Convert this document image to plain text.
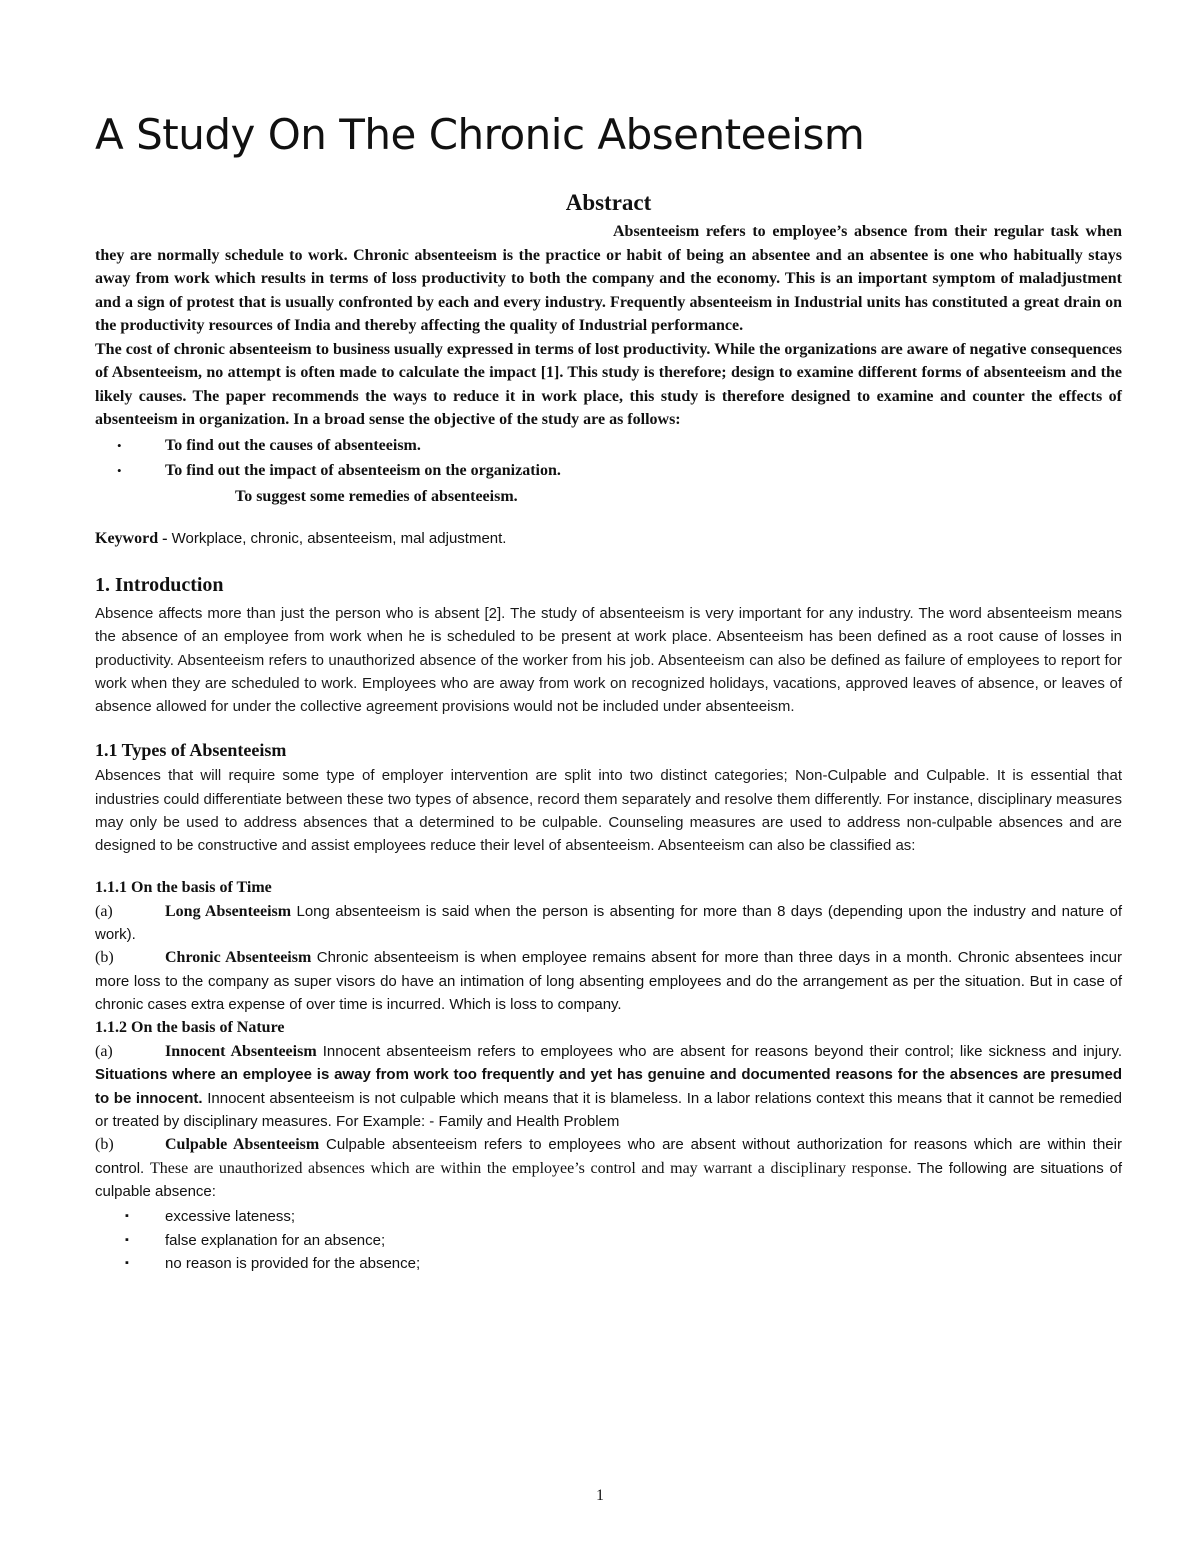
A Study On The Chronic Absenteeism
Abstract

Absenteeism refers to employee’s absence from their regular task when they are normally schedule to work. Chronic absenteeism is the practice or habit of being an absentee and an absentee is one who habitually stays away from work which results in terms of loss productivity to both the company and the economy. This is an important symptom of maladjustment and a sign of protest that is usually confronted by each and every industry. Frequently absenteeism in Industrial units has constituted a great drain on the productivity resources of India and thereby affecting the quality of Industrial performance.

The cost of chronic absenteeism to business usually expressed in terms of lost productivity. While the organizations are aware of negative consequences of Absenteeism, no attempt is often made to calculate the impact [1]. This study is therefore; design to examine different forms of absenteeism and the likely causes. The paper recommends the ways to reduce it in work place, this study is therefore designed to examine and counter the effects of absenteeism in organization. In a broad sense the objective of the study are as follows:

• To find out the causes of absenteeism.
• To find out the impact of absenteeism on the organization.
To suggest some remedies of absenteeism.

Keyword - Workplace, chronic, absenteeism, mal adjustment.

1. Introduction

Absence affects more than just the person who is absent [2]. The study of absenteeism is very important for any industry. The word absenteeism means the absence of an employee from work when he is scheduled to be present at work place. Absenteeism has been defined as a root cause of losses in productivity. Absenteeism refers to unauthorized absence of the worker from his job. Absenteeism can also be defined as failure of employees to report for work when they are scheduled to work. Employees who are away from work on recognized holidays, vacations, approved leaves of absence, or leaves of absence allowed for under the collective agreement provisions would not be included under absenteeism.

1.1 Types of Absenteeism

Absences that will require some type of employer intervention are split into two distinct categories; Non-Culpable and Culpable. It is essential that industries could differentiate between these two types of absence, record them separately and resolve them differently. For instance, disciplinary measures may only be used to address absences that a determined to be culpable. Counseling measures are used to address non-culpable absences and are designed to be constructive and assist employees reduce their level of absenteeism. Absenteeism can also be classified as:

1.1.1 On the basis of Time

(a)	Long Absenteeism Long absenteeism is said when the person is absenting for more than 8 days (depending upon the industry and nature of work).

(b)	Chronic Absenteeism Chronic absenteeism is when employee remains absent for more than three days in a month. Chronic absentees incur more loss to the company as super visors do have an intimation of long absenting employees and do the arrangement as per the situation. But in case of chronic cases extra expense of over time is incurred. Which is loss to company.

1.1.2 On the basis of Nature

(a)	Innocent Absenteeism Innocent absenteeism refers to employees who are absent for reasons beyond their control; like sickness and injury. Situations where an employee is away from work too frequently and yet has genuine and documented reasons for the absences are presumed to be innocent. Innocent absenteeism is not culpable which means that it is blameless. In a labor relations context this means that it cannot be remedied or treated by disciplinary measures. For Example: - Family and Health Problem

(b)	Culpable Absenteeism Culpable absenteeism refers to employees who are absent without authorization for reasons which are within their control. These are unauthorized absences which are within the employee’s control and may warrant a disciplinary response. The following are situations of culpable absence:

▪ excessive lateness;
▪ false explanation for an absence;
▪ no reason is provided for the absence;
1
